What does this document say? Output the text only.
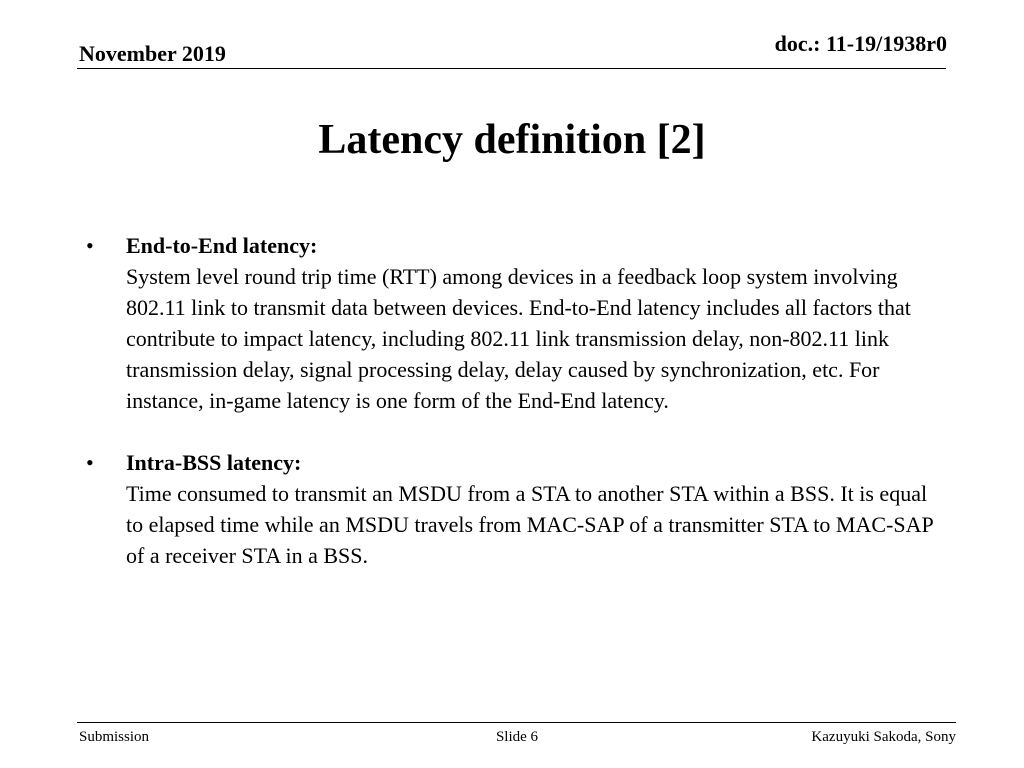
November 2019	doc.: 11-19/1938r0
Latency definition [2]
•	End-to-End latency:
System level round trip time (RTT) among devices in a feedback loop system involving 802.11 link to transmit data between devices. End-to-End latency includes all factors that contribute to impact latency, including 802.11 link transmission delay, non-802.11 link transmission delay, signal processing delay, delay caused by synchronization, etc. For instance, in-game latency is one form of the End-End latency.
•	Intra-BSS latency:
Time consumed to transmit an MSDU from a STA to another STA within a BSS. It is equal to elapsed time while an MSDU travels from MAC-SAP of a transmitter STA to MAC-SAP of a receiver STA in a BSS.
Submission	Slide 6	Kazuyuki Sakoda, Sony
